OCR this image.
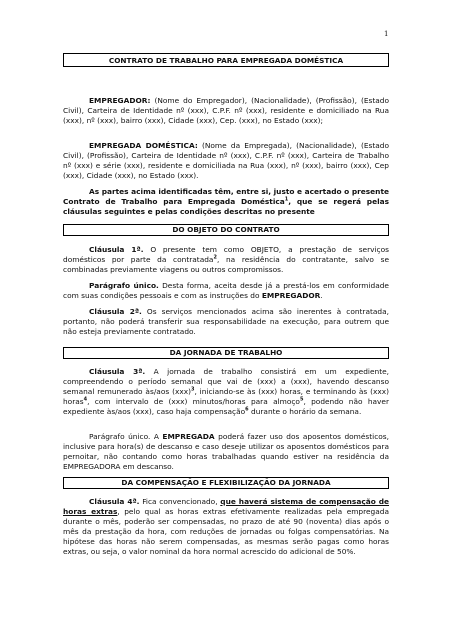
1
CONTRATO DE TRABALHO PARA EMPREGADA DOMÉSTICA

EMPREGADOR: (Nome do Empregador), (Nacionalidade), (Profissão), (Estado Civil), Carteira de Identidade nº (xxx), C.P.F. nº (xxx), residente e domiciliado na Rua (xxx), nº (xxx), bairro (xxx), Cidade (xxx), Cep. (xxx), no Estado (xxx);

EMPREGADA DOMÉSTICA: (Nome da Empregada), (Nacionalidade), (Estado Civil), (Profissão), Carteira de Identidade nº (xxx), C.P.F. nº (xxx), Carteira de Trabalho nº (xxx) e série (xxx), residente e domiciliada na Rua (xxx), nº (xxx), bairro (xxx), Cep (xxx), Cidade (xxx), no Estado (xxx).

As partes acima identificadas têm, entre si, justo e acertado o presente Contrato de Trabalho para Empregada Doméstica$^1$, que se regerá pelas cláusulas seguintes e pelas condições descritas no presente

DO OBJETO DO CONTRATO

Cláusula 1ª. O presente tem como OBJETO, a prestação de serviços domésticos por parte da contratada$^2$, na residência do contratante, salvo se combinadas previamente viagens ou outros compromissos.

Parágrafo único. Desta forma, aceita desde já a prestá-los em conformidade com suas condições pessoais e com as instruções do EMPREGADOR.

Cláusula 2ª. Os serviços mencionados acima são inerentes à contratada, portanto, não poderá transferir sua responsabilidade na execução, para outrem que não esteja previamente contratado.

DA JORNADA DE TRABALHO

Cláusula 3ª. A jornada de trabalho consistirá em um expediente, compreendendo o período semanal que vai de (xxx) a (xxx), havendo descanso semanal remunerado às/aos (xxx)$^3$, iniciando-se às (xxx) horas, e terminando às (xxx) horas$^4$, com intervalo de (xxx) minutos/horas para almoço$^5$, podendo não haver expediente às/aos (xxx), caso haja compensação$^6$ durante o horário da semana.

Parágrafo único. A EMPREGADA poderá fazer uso dos aposentos domésticos, inclusive para hora(s) de descanso e caso deseje utilizar os aposentos domésticos para pernoitar, não contando como horas trabalhadas quando estiver na residência da EMPREGADORA em descanso.

DA COMPENSAÇÃO E FLEXIBILIZAÇÃO DA JORNADA

Cláusula 4ª. Fica convencionado, que haverá sistema de compensação de horas extras, pelo qual as horas extras efetivamente realizadas pela empregada durante o mês, poderão ser compensadas, no prazo de até 90 (noventa) dias após o mês da prestação da hora, com reduções de jornadas ou folgas compensatórias. Na hipótese das horas não serem compensadas, as mesmas serão pagas como horas extras, ou seja, o valor nominal da hora normal acrescido do adicional de 50%.
